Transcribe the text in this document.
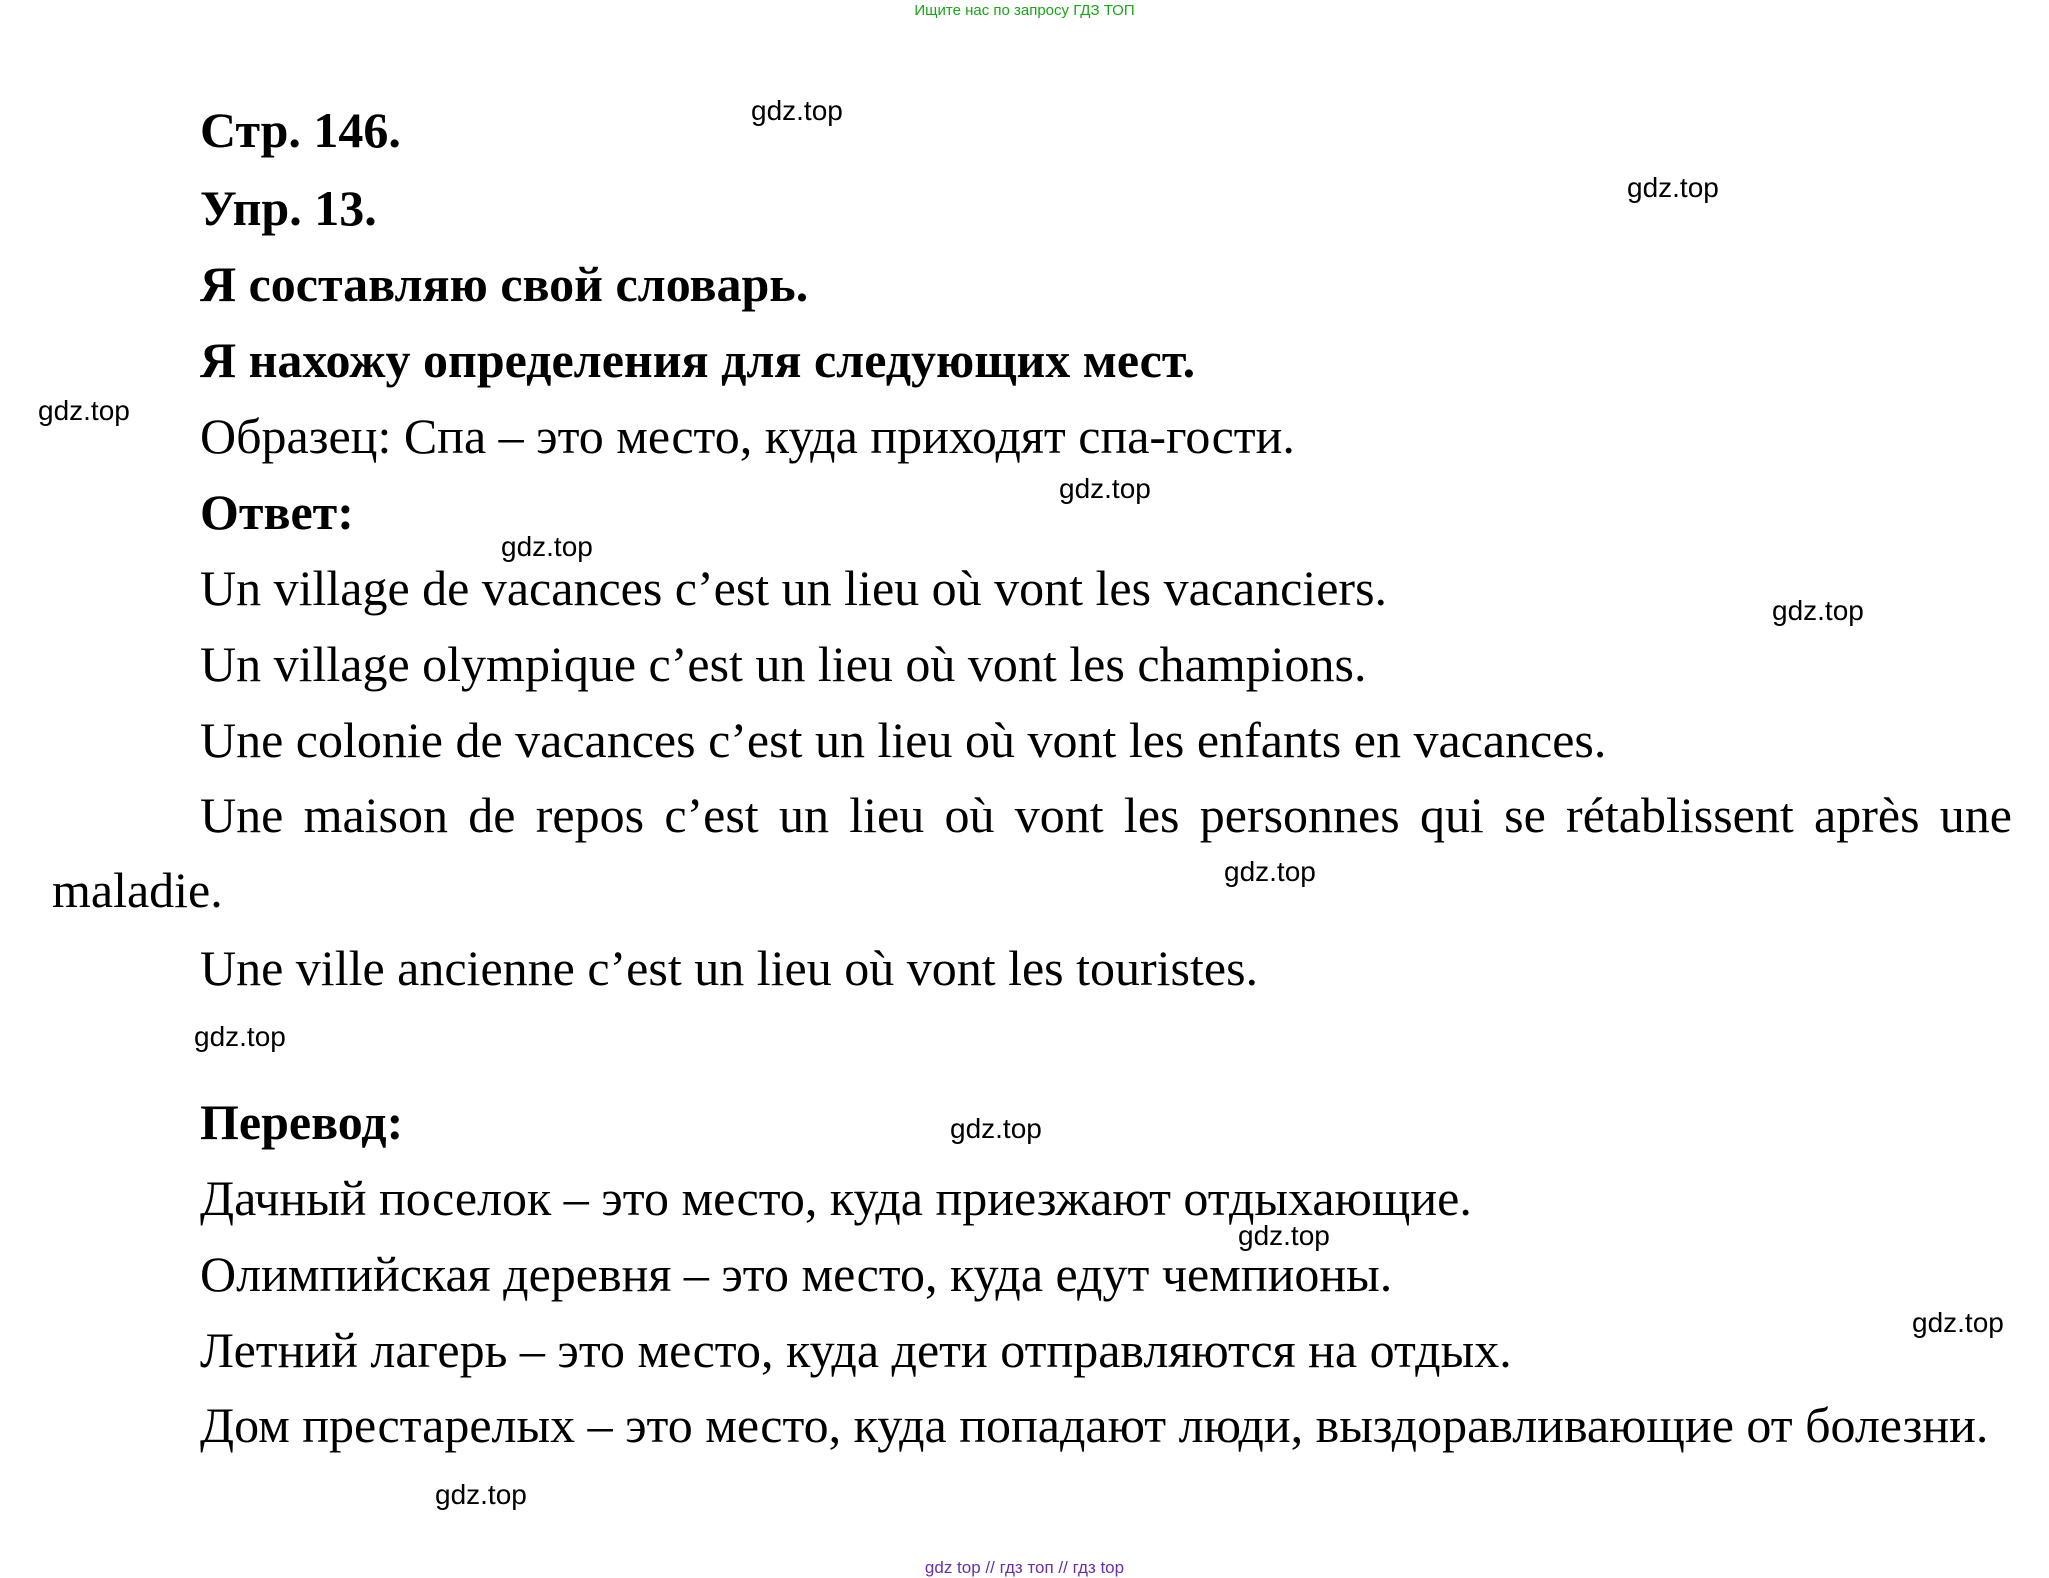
Ищите нас по запросу ГДЗ ТОП
Стр. 146.
Упр. 13.
Я составляю свой словарь.
Я нахожу определения для следующих мест.
Образец: Спа – это место, куда приходят спа-гости.
Ответ:
Un village de vacances c’est un lieu où vont les vacanciers.
Un village olympique c’est un lieu où vont les champions.
Une colonie de vacances c’est un lieu où vont les enfants en vacances.
Une maison de repos c’est un lieu où vont les personnes qui se rétablissent après une maladie.
Une ville ancienne c’est un lieu où vont les touristes.
Перевод:
Дачный поселок – это место, куда приезжают отдыхающие.
Олимпийская деревня – это место, куда едут чемпионы.
Летний лагерь – это место, куда дети отправляются на отдых.
Дом престарелых – это место, куда попадают люди, выздоравливающие от болезни.
gdz.top
gdz.top
gdz.top
gdz.top
gdz.top
gdz.top
gdz.top
gdz.top
gdz.top
gdz.top
gdz.top
gdz.top
gdz top // гдз топ // гдз top
